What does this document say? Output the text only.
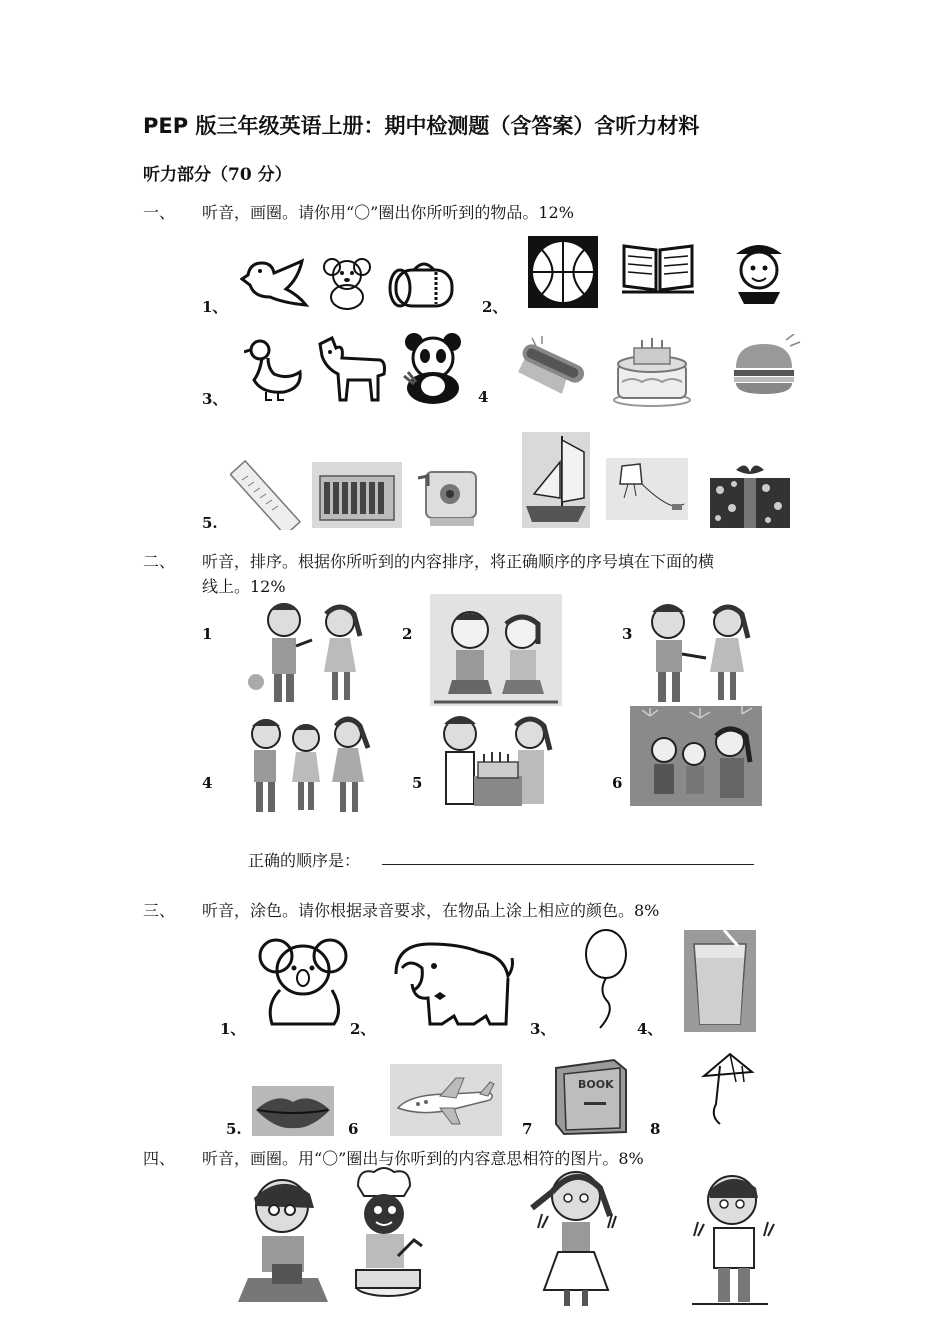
PEP 版三年级英语上册：期中检测题（含答案）含听力材料
听力部分（70 分）
一、 听音，画圈。请你用“〇”圈出你所听到的物品。12%
1、	2、
3、	4
5.
二、 听音，排序。根据你所听到的内容排序，将正确顺序的序号填在下面的横
线上。12%
1	2	3
4	5	6
正确的顺序是：
三、 听音，涂色。请你根据录音要求，在物品上涂上相应的颜色。8%
1、	2、	3、	4、
5.	6	7	8
BOOK
四、 听音，画圈。用“〇”圈出与你听到的内容意思相符的图片。8%
